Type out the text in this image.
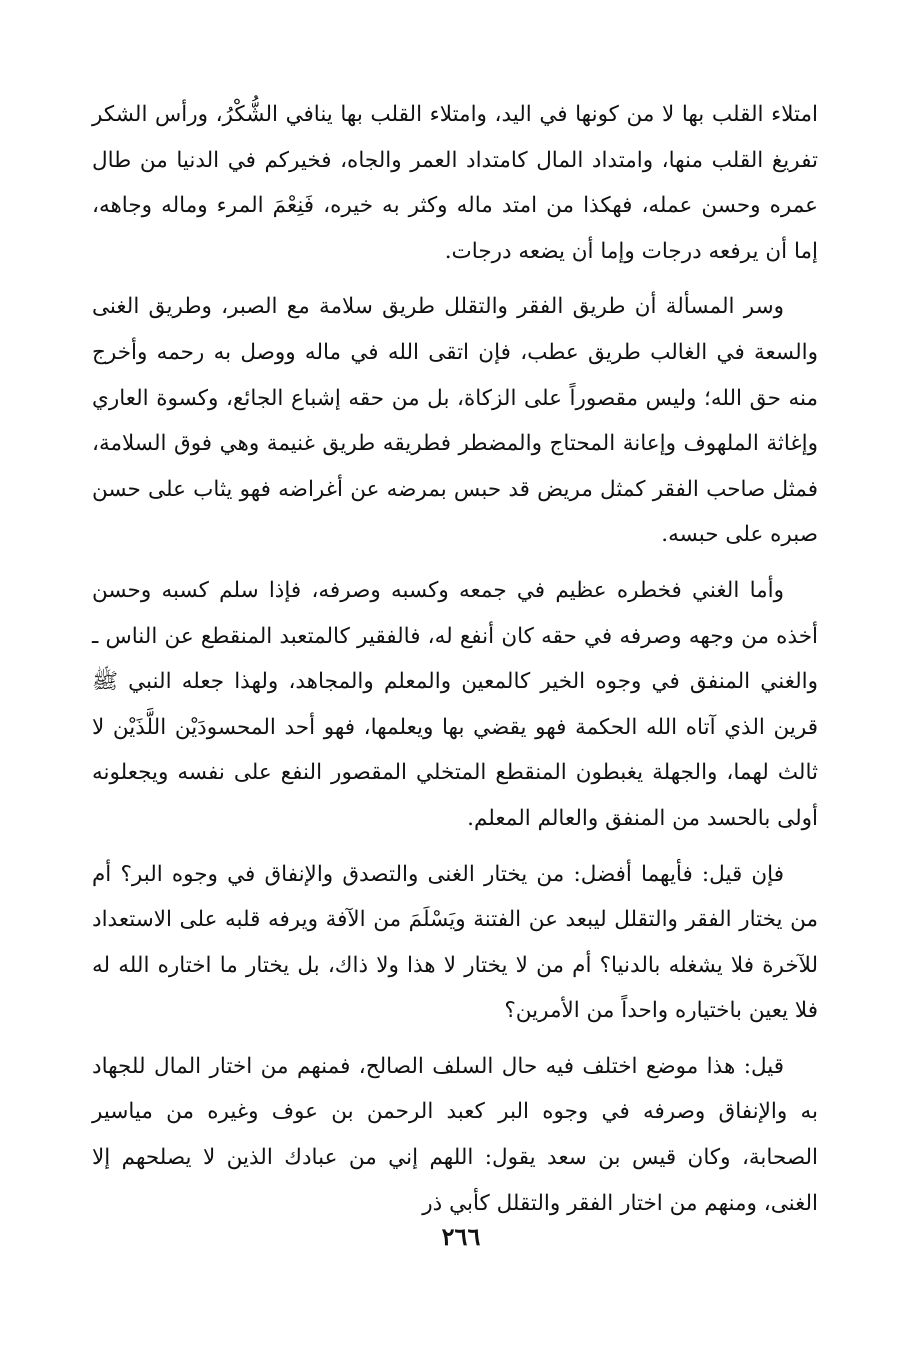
امتلاء القلب بها لا من كونها في اليد، وامتلاء القلب بها ينافي الشُّكْرُ، ورأس الشكر تفريغ القلب منها، وامتداد المال كامتداد العمر والجاه، فخيركم في الدنيا من طال عمره وحسن عمله، فهكذا من امتد ماله وكثر به خيره، فَنِعْمَ المرء وماله وجاهه، إما أن يرفعه درجات وإما أن يضعه درجات.

وسر المسألة أن طريق الفقر والتقلل طريق سلامة مع الصبر، وطريق الغنى والسعة في الغالب طريق عطب، فإن اتقى الله في ماله ووصل به رحمه وأخرج منه حق الله؛ وليس مقصوراً على الزكاة، بل من حقه إشباع الجائع، وكسوة العاري وإغاثة الملهوف وإعانة المحتاج والمضطر فطريقه طريق غنيمة وهي فوق السلامة، فمثل صاحب الفقر كمثل مريض قد حبس بمرضه عن أغراضه فهو يثاب على حسن صبره على حبسه.

وأما الغني فخطره عظيم في جمعه وكسبه وصرفه، فإذا سلم كسبه وحسن أخذه من وجهه وصرفه في حقه كان أنفع له، فالفقير كالمتعبد المنقطع عن الناس ـ والغني المنفق في وجوه الخير كالمعين والمعلم والمجاهد، ولهذا جعله النبي ﷺ قرين الذي آتاه الله الحكمة فهو يقضي بها ويعلمها، فهو أحد المحسودَيْن اللَّذَيْن لا ثالث لهما، والجهلة يغبطون المنقطع المتخلي المقصور النفع على نفسه ويجعلونه أولى بالحسد من المنفق والعالم المعلم.

فإن قيل: فأيهما أفضل: من يختار الغنى والتصدق والإنفاق في وجوه البر؟ أم من يختار الفقر والتقلل ليبعد عن الفتنة ويَسْلَمَ من الآفة ويرفه قلبه على الاستعداد للآخرة فلا يشغله بالدنيا؟ أم من لا يختار لا هذا ولا ذاك، بل يختار ما اختاره الله له فلا يعين باختياره واحداً من الأمرين؟

قيل: هذا موضع اختلف فيه حال السلف الصالح، فمنهم من اختار المال للجهاد به والإنفاق وصرفه في وجوه البر كعبد الرحمن بن عوف وغيره من مياسير الصحابة، وكان قيس بن سعد يقول: اللهم إني من عبادك الذين لا يصلحهم إلا الغنى، ومنهم من اختار الفقر والتقلل كأبي ذر

٢٦٦
